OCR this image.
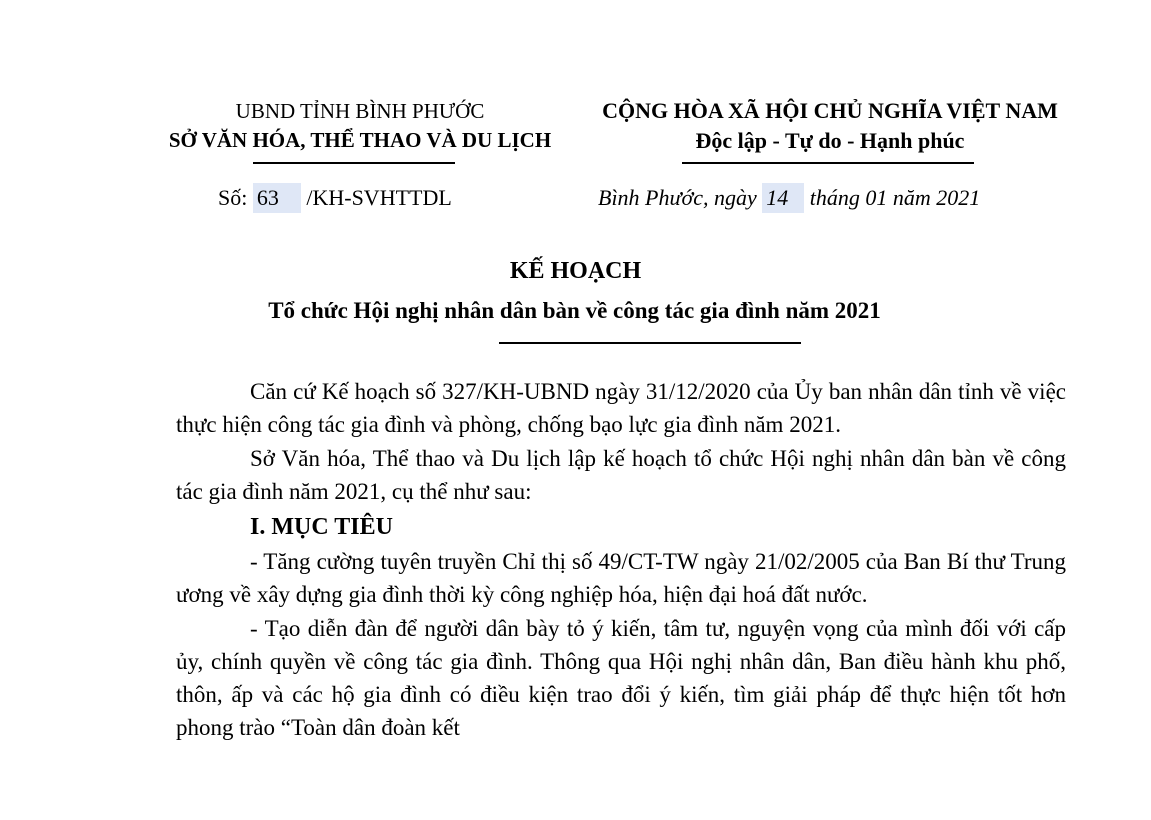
UBND TỈNH BÌNH PHƯỚC
SỞ VĂN HÓA, THỂ THAO VÀ DU LỊCH
CỘNG HÒA XÃ HỘI CHỦ NGHĨA VIỆT NAM
Độc lập - Tự do - Hạnh phúc
Số: 63 /KH-SVHTTDL	Bình Phước, ngày 14 tháng 01 năm 2021
KẾ HOẠCH
Tổ chức Hội nghị nhân dân bàn về công tác gia đình năm 2021

Căn cứ Kế hoạch số 327/KH-UBND ngày 31/12/2020 của Ủy ban nhân dân tỉnh về việc thực hiện công tác gia đình và phòng, chống bạo lực gia đình năm 2021.

Sở Văn hóa, Thể thao và Du lịch lập kế hoạch tổ chức Hội nghị nhân dân bàn về công tác gia đình năm 2021, cụ thể như sau:

I. MỤC TIÊU

- Tăng cường tuyên truyền Chỉ thị số 49/CT-TW ngày 21/02/2005 của Ban Bí thư Trung ương về xây dựng gia đình thời kỳ công nghiệp hóa, hiện đại hoá đất nước.

- Tạo diễn đàn để người dân bày tỏ ý kiến, tâm tư, nguyện vọng của mình đối với cấp ủy, chính quyền về công tác gia đình. Thông qua Hội nghị nhân dân, Ban điều hành khu phố, thôn, ấp và các hộ gia đình có điều kiện trao đổi ý kiến, tìm giải pháp để thực hiện tốt hơn phong trào “Toàn dân đoàn kết
